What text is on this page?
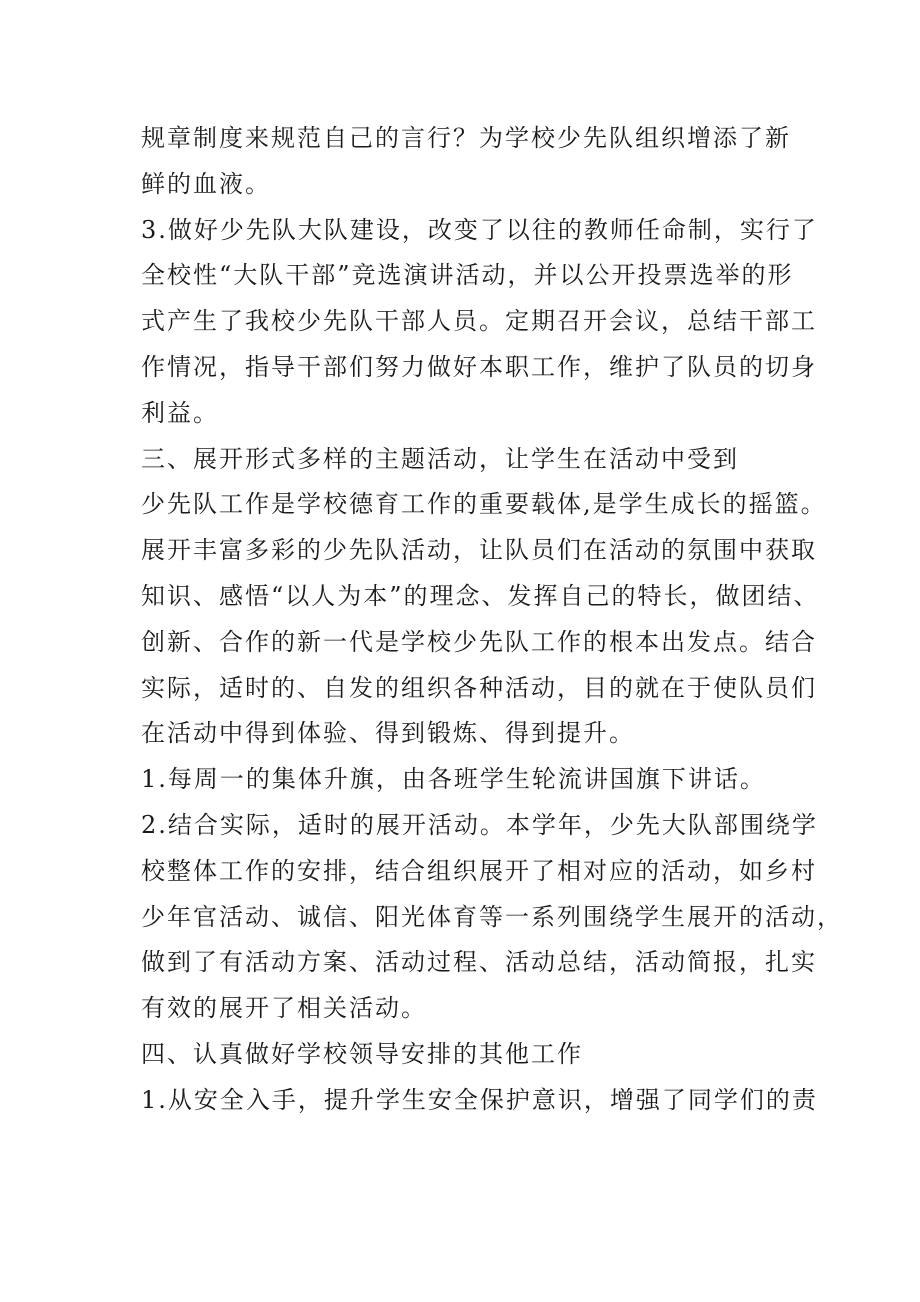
规章制度来规范自己的言行？为学校少先队组织增添了新
鲜的血液。
3.做好少先队大队建设，改变了以往的教师任命制，实行了
全校性“大队干部”竞选演讲活动，并以公开投票选举的形
式产生了我校少先队干部人员。定期召开会议，总结干部工
作情况，指导干部们努力做好本职工作，维护了队员的切身
利益。
三、展开形式多样的主题活动，让学生在活动中受到
少先队工作是学校德育工作的重要载体,是学生成长的摇篮。
展开丰富多彩的少先队活动，让队员们在活动的氛围中获取
知识、感悟“以人为本”的理念、发挥自己的特长，做团结、
创新、合作的新一代是学校少先队工作的根本出发点。结合
实际，适时的、自发的组织各种活动，目的就在于使队员们
在活动中得到体验、得到锻炼、得到提升。
1.每周一的集体升旗，由各班学生轮流讲国旗下讲话。
2.结合实际，适时的展开活动。本学年，少先大队部围绕学
校整体工作的安排，结合组织展开了相对应的活动，如乡村
少年官活动、诚信、阳光体育等一系列围绕学生展开的活动，
做到了有活动方案、活动过程、活动总结，活动简报，扎实
有效的展开了相关活动。
四、认真做好学校领导安排的其他工作
1.从安全入手，提升学生安全保护意识，增强了同学们的责
